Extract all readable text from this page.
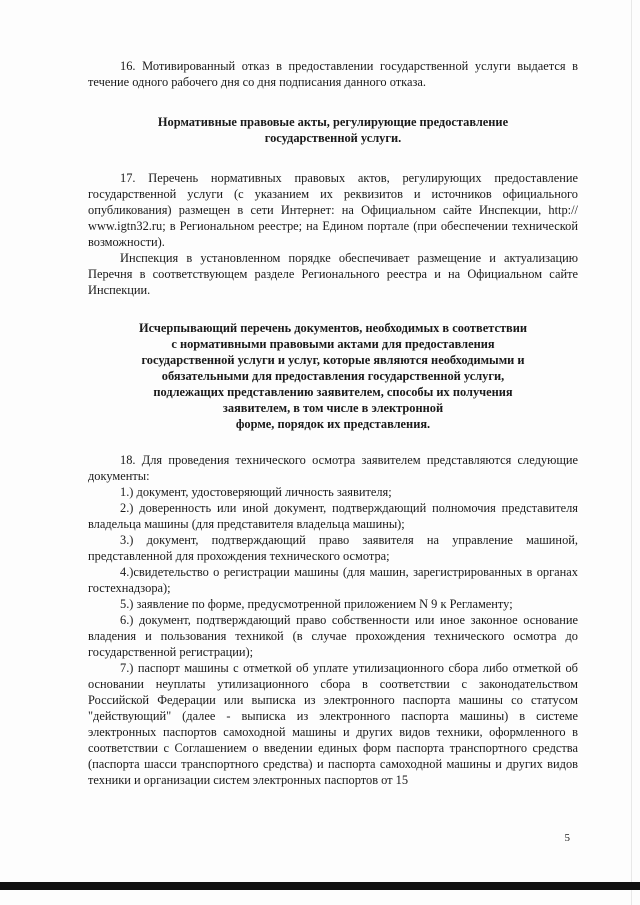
16. Мотивированный отказ в предоставлении государственной услуги выдается в течение одного рабочего дня со дня подписания данного отказа.

Нормативные правовые акты, регулирующие предоставление
государственной услуги.

17. Перечень нормативных правовых актов, регулирующих предоставление государственной услуги (с указанием их реквизитов и источников официального опубликования) размещен в сети Интернет: на Официальном сайте Инспекции, http:// www.igtn32.ru; в Региональном реестре; на Едином портале (при обеспечении технической возможности).

Инспекция в установленном порядке обеспечивает размещение и актуализацию Перечня в соответствующем разделе Регионального реестра и на Официальном сайте Инспекции.

Исчерпывающий перечень документов, необходимых в соответствии
с нормативными правовыми актами для предоставления
государственной услуги и услуг, которые являются необходимыми и
обязательными для предоставления государственной услуги,
подлежащих представлению заявителем, способы их получения
заявителем, в том числе в электронной
форме, порядок их представления.

18. Для проведения технического осмотра заявителем представляются следующие документы:

1.) документ, удостоверяющий личность заявителя;

2.) доверенность или иной документ, подтверждающий полномочия представителя владельца машины (для представителя владельца машины);

3.) документ, подтверждающий право заявителя на управление машиной, представленной для прохождения технического осмотра;

4.)свидетельство о регистрации машины (для машин, зарегистрированных в органах гостехнадзора);

5.) заявление по форме, предусмотренной приложением N 9 к Регламенту;

6.) документ, подтверждающий право собственности или иное законное основание владения и пользования техникой (в случае прохождения технического осмотра до государственной регистрации);

7.) паспорт машины с отметкой об уплате утилизационного сбора либо отметкой об основании неуплаты утилизационного сбора в соответствии с законодательством Российской Федерации или выписка из электронного паспорта машины со статусом "действующий" (далее - выписка из электронного паспорта машины) в системе электронных паспортов самоходной машины и других видов техники, оформленного в соответствии с Соглашением о введении единых форм паспорта транспортного средства (паспорта шасси транспортного средства) и паспорта самоходной машины и других видов техники и организации систем электронных паспортов от 15

5
